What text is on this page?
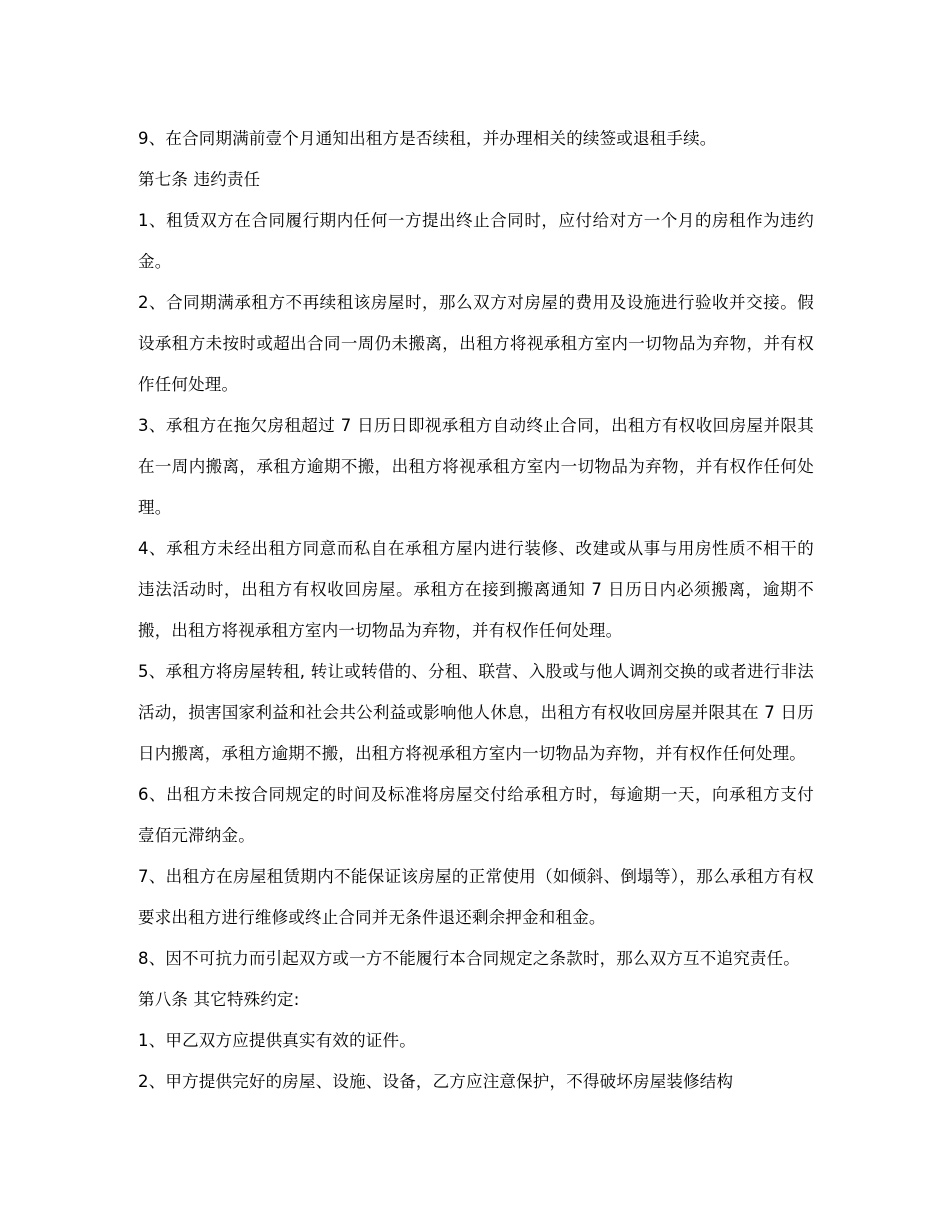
9、在合同期满前壹个月通知出租方是否续租，并办理相关的续签或退租手续。

第七条 违约责任

1、租赁双方在合同履行期内任何一方提出终止合同时，应付给对方一个月的房租作为违约金。

2、合同期满承租方不再续租该房屋时，那么双方对房屋的费用及设施进行验收并交接。假设承租方未按时或超出合同一周仍未搬离，出租方将视承租方室内一切物品为弃物，并有权作任何处理。

3、承租方在拖欠房租超过 7 日历日即视承租方自动终止合同，出租方有权收回房屋并限其在一周内搬离，承租方逾期不搬，出租方将视承租方室内一切物品为弃物，并有权作任何处理。

4、承租方未经出租方同意而私自在承租方屋内进行装修、改建或从事与用房性质不相干的违法活动时，出租方有权收回房屋。承租方在接到搬离通知 7 日历日内必须搬离，逾期不搬，出租方将视承租方室内一切物品为弃物，并有权作任何处理。

5、承租方将房屋转租, 转让或转借的、分租、联营、入股或与他人调剂交换的或者进行非法活动，损害国家利益和社会共公利益或影响他人休息，出租方有权收回房屋并限其在 7 日历日内搬离，承租方逾期不搬，出租方将视承租方室内一切物品为弃物，并有权作任何处理。

6、出租方未按合同规定的时间及标准将房屋交付给承租方时，每逾期一天，向承租方支付壹佰元滞纳金。

7、出租方在房屋租赁期内不能保证该房屋的正常使用（如倾斜、倒塌等），那么承租方有权要求出租方进行维修或终止合同并无条件退还剩余押金和租金。

8、因不可抗力而引起双方或一方不能履行本合同规定之条款时，那么双方互不追究责任。

第八条 其它特殊约定:

1、甲乙双方应提供真实有效的证件。

2、甲方提供完好的房屋、设施、设备，乙方应注意保护，不得破坏房屋装修结构
